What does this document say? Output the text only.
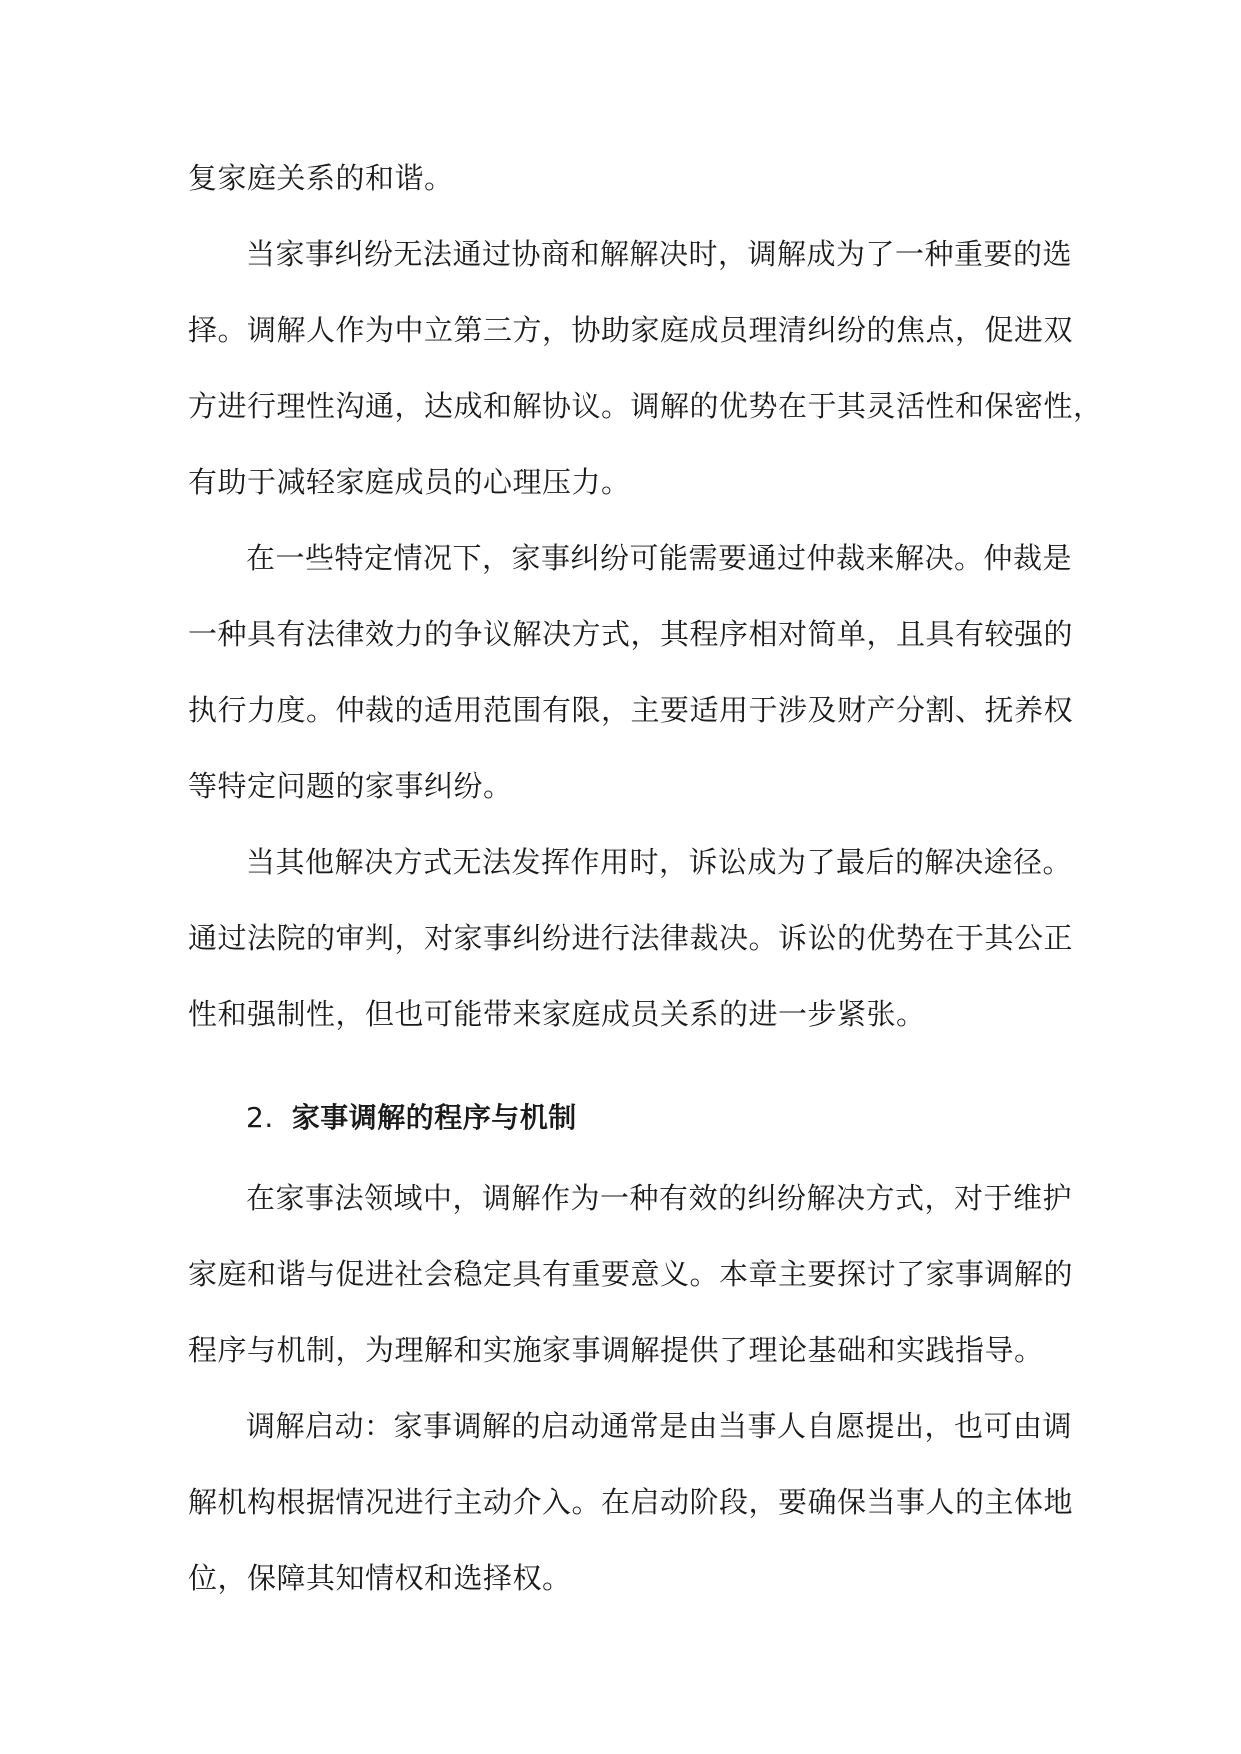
复家庭关系的和谐。
当家事纠纷无法通过协商和解解决时，调解成为了一种重要的选
择。调解人作为中立第三方，协助家庭成员理清纠纷的焦点，促进双
方进行理性沟通，达成和解协议。调解的优势在于其灵活性和保密性，
有助于减轻家庭成员的心理压力。
在一些特定情况下，家事纠纷可能需要通过仲裁来解决。仲裁是
一种具有法律效力的争议解决方式，其程序相对简单，且具有较强的
执行力度。仲裁的适用范围有限，主要适用于涉及财产分割、抚养权
等特定问题的家事纠纷。
当其他解决方式无法发挥作用时，诉讼成为了最后的解决途径。
通过法院的审判，对家事纠纷进行法律裁决。诉讼的优势在于其公正
性和强制性，但也可能带来家庭成员关系的进一步紧张。
2. 家事调解的程序与机制
在家事法领域中，调解作为一种有效的纠纷解决方式，对于维护
家庭和谐与促进社会稳定具有重要意义。本章主要探讨了家事调解的
程序与机制，为理解和实施家事调解提供了理论基础和实践指导。
调解启动：家事调解的启动通常是由当事人自愿提出，也可由调
解机构根据情况进行主动介入。在启动阶段，要确保当事人的主体地
位，保障其知情权和选择权。
